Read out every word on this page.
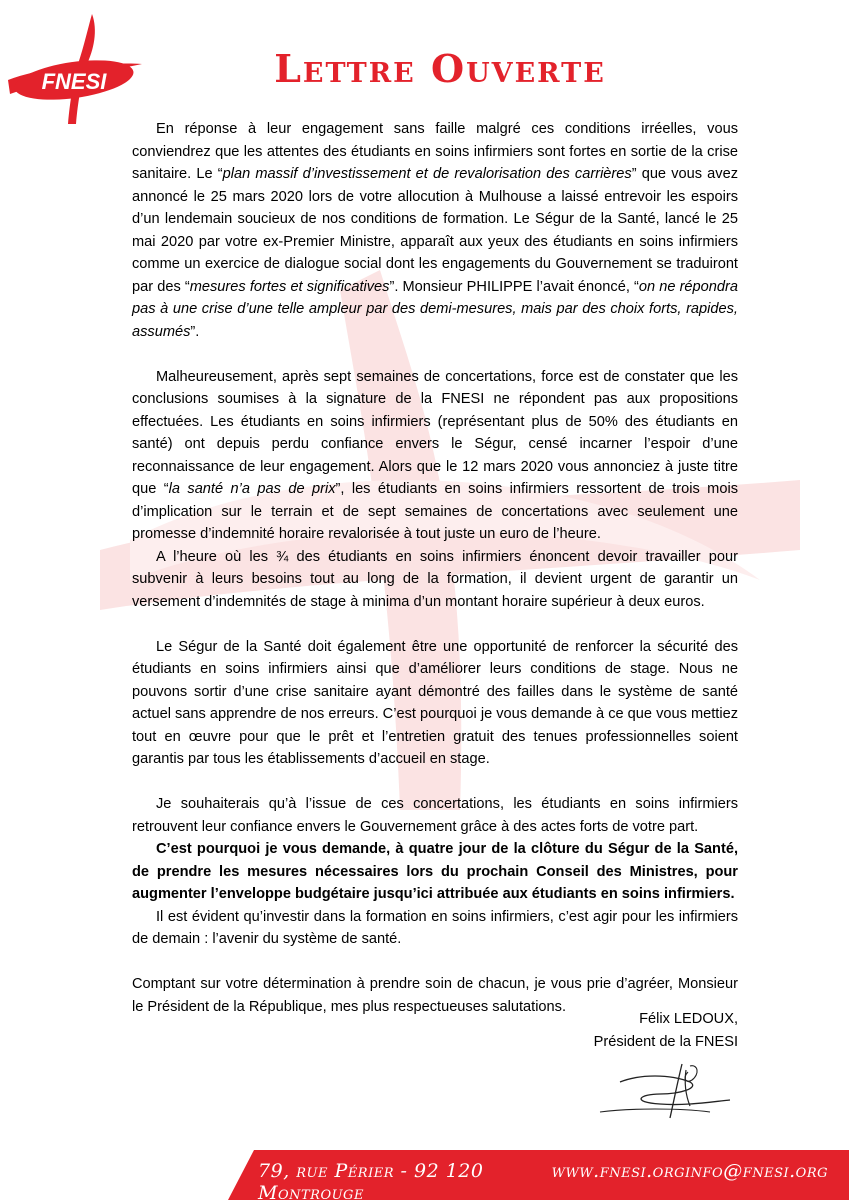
FNESI	Lettre Ouverte

En réponse à leur engagement sans faille malgré ces conditions irréelles, vous conviendrez que les attentes des étudiants en soins infirmiers sont fortes en sortie de la crise sanitaire. Le “plan massif d’investissement et de revalorisation des carrières” que vous avez annoncé le 25 mars 2020 lors de votre allocution à Mulhouse a laissé entrevoir les espoirs d’un lendemain soucieux de nos conditions de formation. Le Ségur de la Santé, lancé le 25 mai 2020 par votre ex-Premier Ministre, apparaît aux yeux des étudiants en soins infirmiers comme un exercice de dialogue social dont les engagements du Gouvernement se traduiront par des “mesures fortes et significatives”. Monsieur PHILIPPE l’avait énoncé, “on ne répondra pas à une crise d’une telle ampleur par des demi-mesures, mais par des choix forts, rapides, assumés”.

Malheureusement, après sept semaines de concertations, force est de constater que les conclusions soumises à la signature de la FNESI ne répondent pas aux propositions effectuées. Les étudiants en soins infirmiers (représentant plus de 50% des étudiants en santé) ont depuis perdu confiance envers le Ségur, censé incarner l’espoir d’une reconnaissance de leur engagement. Alors que le 12 mars 2020 vous annonciez à juste titre que “la santé n’a pas de prix”, les étudiants en soins infirmiers ressortent de trois mois d’implication sur le terrain et de sept semaines de concertations avec seulement une promesse d’indemnité horaire revalorisée à tout juste un euro de l’heure.

A l’heure où les ¾ des étudiants en soins infirmiers énoncent devoir travailler pour subvenir à leurs besoins tout au long de la formation, il devient urgent de garantir un versement d’indemnités de stage à minima d’un montant horaire supérieur à deux euros.

Le Ségur de la Santé doit également être une opportunité de renforcer la sécurité des étudiants en soins infirmiers ainsi que d’améliorer leurs conditions de stage. Nous ne pouvons sortir d’une crise sanitaire ayant démontré des failles dans le système de santé actuel sans apprendre de nos erreurs. C’est pourquoi je vous demande à ce que vous mettiez tout en œuvre pour que le prêt et l’entretien gratuit des tenues professionnelles soient garantis par tous les établissements d’accueil en stage.

Je souhaiterais qu’à l’issue de ces concertations, les étudiants en soins infirmiers retrouvent leur confiance envers le Gouvernement grâce à des actes forts de votre part.

C’est pourquoi je vous demande, à quatre jour de la clôture du Ségur de la Santé, de prendre les mesures nécessaires lors du prochain Conseil des Ministres, pour augmenter l’enveloppe budgétaire jusqu’ici attribuée aux étudiants en soins infirmiers.

Il est évident qu’investir dans la formation en soins infirmiers, c’est agir pour les infirmiers de demain : l’avenir du système de santé.

Comptant sur votre détermination à prendre soin de chacun, je vous prie d’agréer, Monsieur le Président de la République, mes plus respectueuses salutations.

Félix LEDOUX,
Président de la FNESI
79, rue Périer - 92 120 Montrouge
www.fnesi.org info@fnesi.org
